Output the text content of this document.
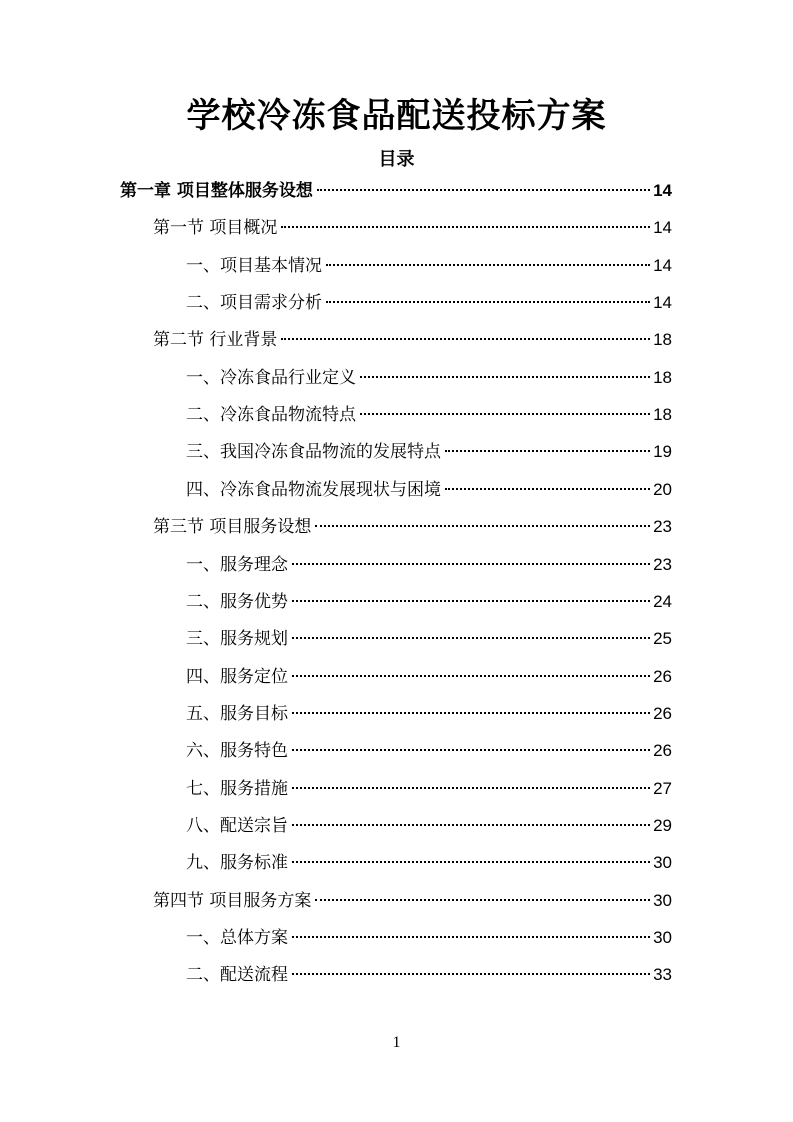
学校冷冻食品配送投标方案
目录
第一章 项目整体服务设想	14
第一节 项目概况	14
一、项目基本情况	14
二、项目需求分析	14
第二节 行业背景	18
一、冷冻食品行业定义	18
二、冷冻食品物流特点	18
三、我国冷冻食品物流的发展特点	19
四、冷冻食品物流发展现状与困境	20
第三节 项目服务设想	23
一、服务理念	23
二、服务优势	24
三、服务规划	25
四、服务定位	26
五、服务目标	26
六、服务特色	26
七、服务措施	27
八、配送宗旨	29
九、服务标准	30
第四节 项目服务方案	30
一、总体方案	30
二、配送流程	33
1
